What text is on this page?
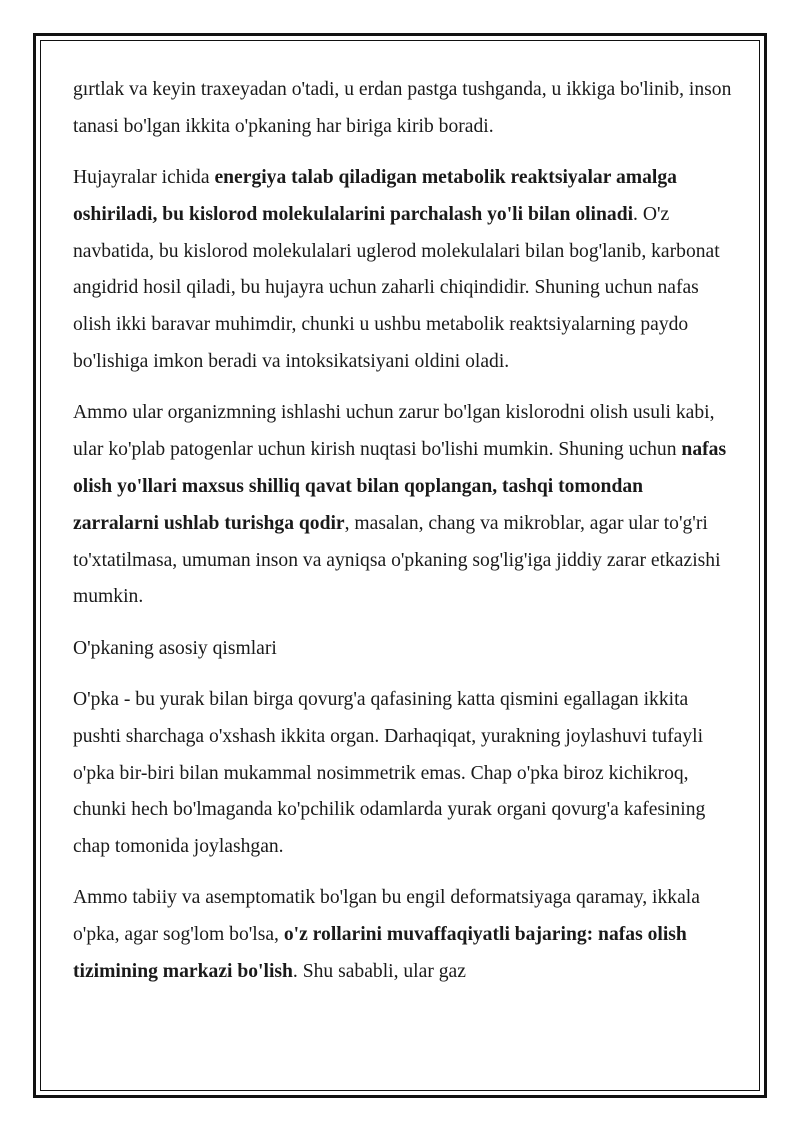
gırtlak va keyin traxeyadan o'tadi, u erdan pastga tushganda, u ikkiga bo'linib, inson tanasi bo'lgan ikkita o'pkaning har biriga kirib boradi.

Hujayralar ichida energiya talab qiladigan metabolik reaktsiyalar amalga oshiriladi, bu kislorod molekulalarini parchalash yo'li bilan olinadi. O'z navbatida, bu kislorod molekulalari uglerod molekulalari bilan bog'lanib, karbonat angidrid hosil qiladi, bu hujayra uchun zaharli chiqindidir. Shuning uchun nafas olish ikki baravar muhimdir, chunki u ushbu metabolik reaktsiyalarning paydo bo'lishiga imkon beradi va intoksikatsiyani oldini oladi.

Ammo ular organizmning ishlashi uchun zarur bo'lgan kislorodni olish usuli kabi, ular ko'plab patogenlar uchun kirish nuqtasi bo'lishi mumkin. Shuning uchun nafas olish yo'llari maxsus shilliq qavat bilan qoplangan, tashqi tomondan zarralarni ushlab turishga qodir, masalan, chang va mikroblar, agar ular to'g'ri to'xtatilmasa, umuman inson va ayniqsa o'pkaning sog'lig'iga jiddiy zarar etkazishi mumkin.

O'pkaning asosiy qismlari

O'pka - bu yurak bilan birga qovurg'a qafasining katta qismini egallagan ikkita pushti sharchaga o'xshash ikkita organ. Darhaqiqat, yurakning joylashuvi tufayli o'pka bir-biri bilan mukammal nosimmetrik emas. Chap o'pka biroz kichikroq, chunki hech bo'lmaganda ko'pchilik odamlarda yurak organi qovurg'a kafesining chap tomonida joylashgan.

Ammo tabiiy va asemptomatik bo'lgan bu engil deformatsiyaga qaramay, ikkala o'pka, agar sog'lom bo'lsa, o'z rollarini muvaffaqiyatli bajaring: nafas olish tizimining markazi bo'lish. Shu sababli, ular gaz
